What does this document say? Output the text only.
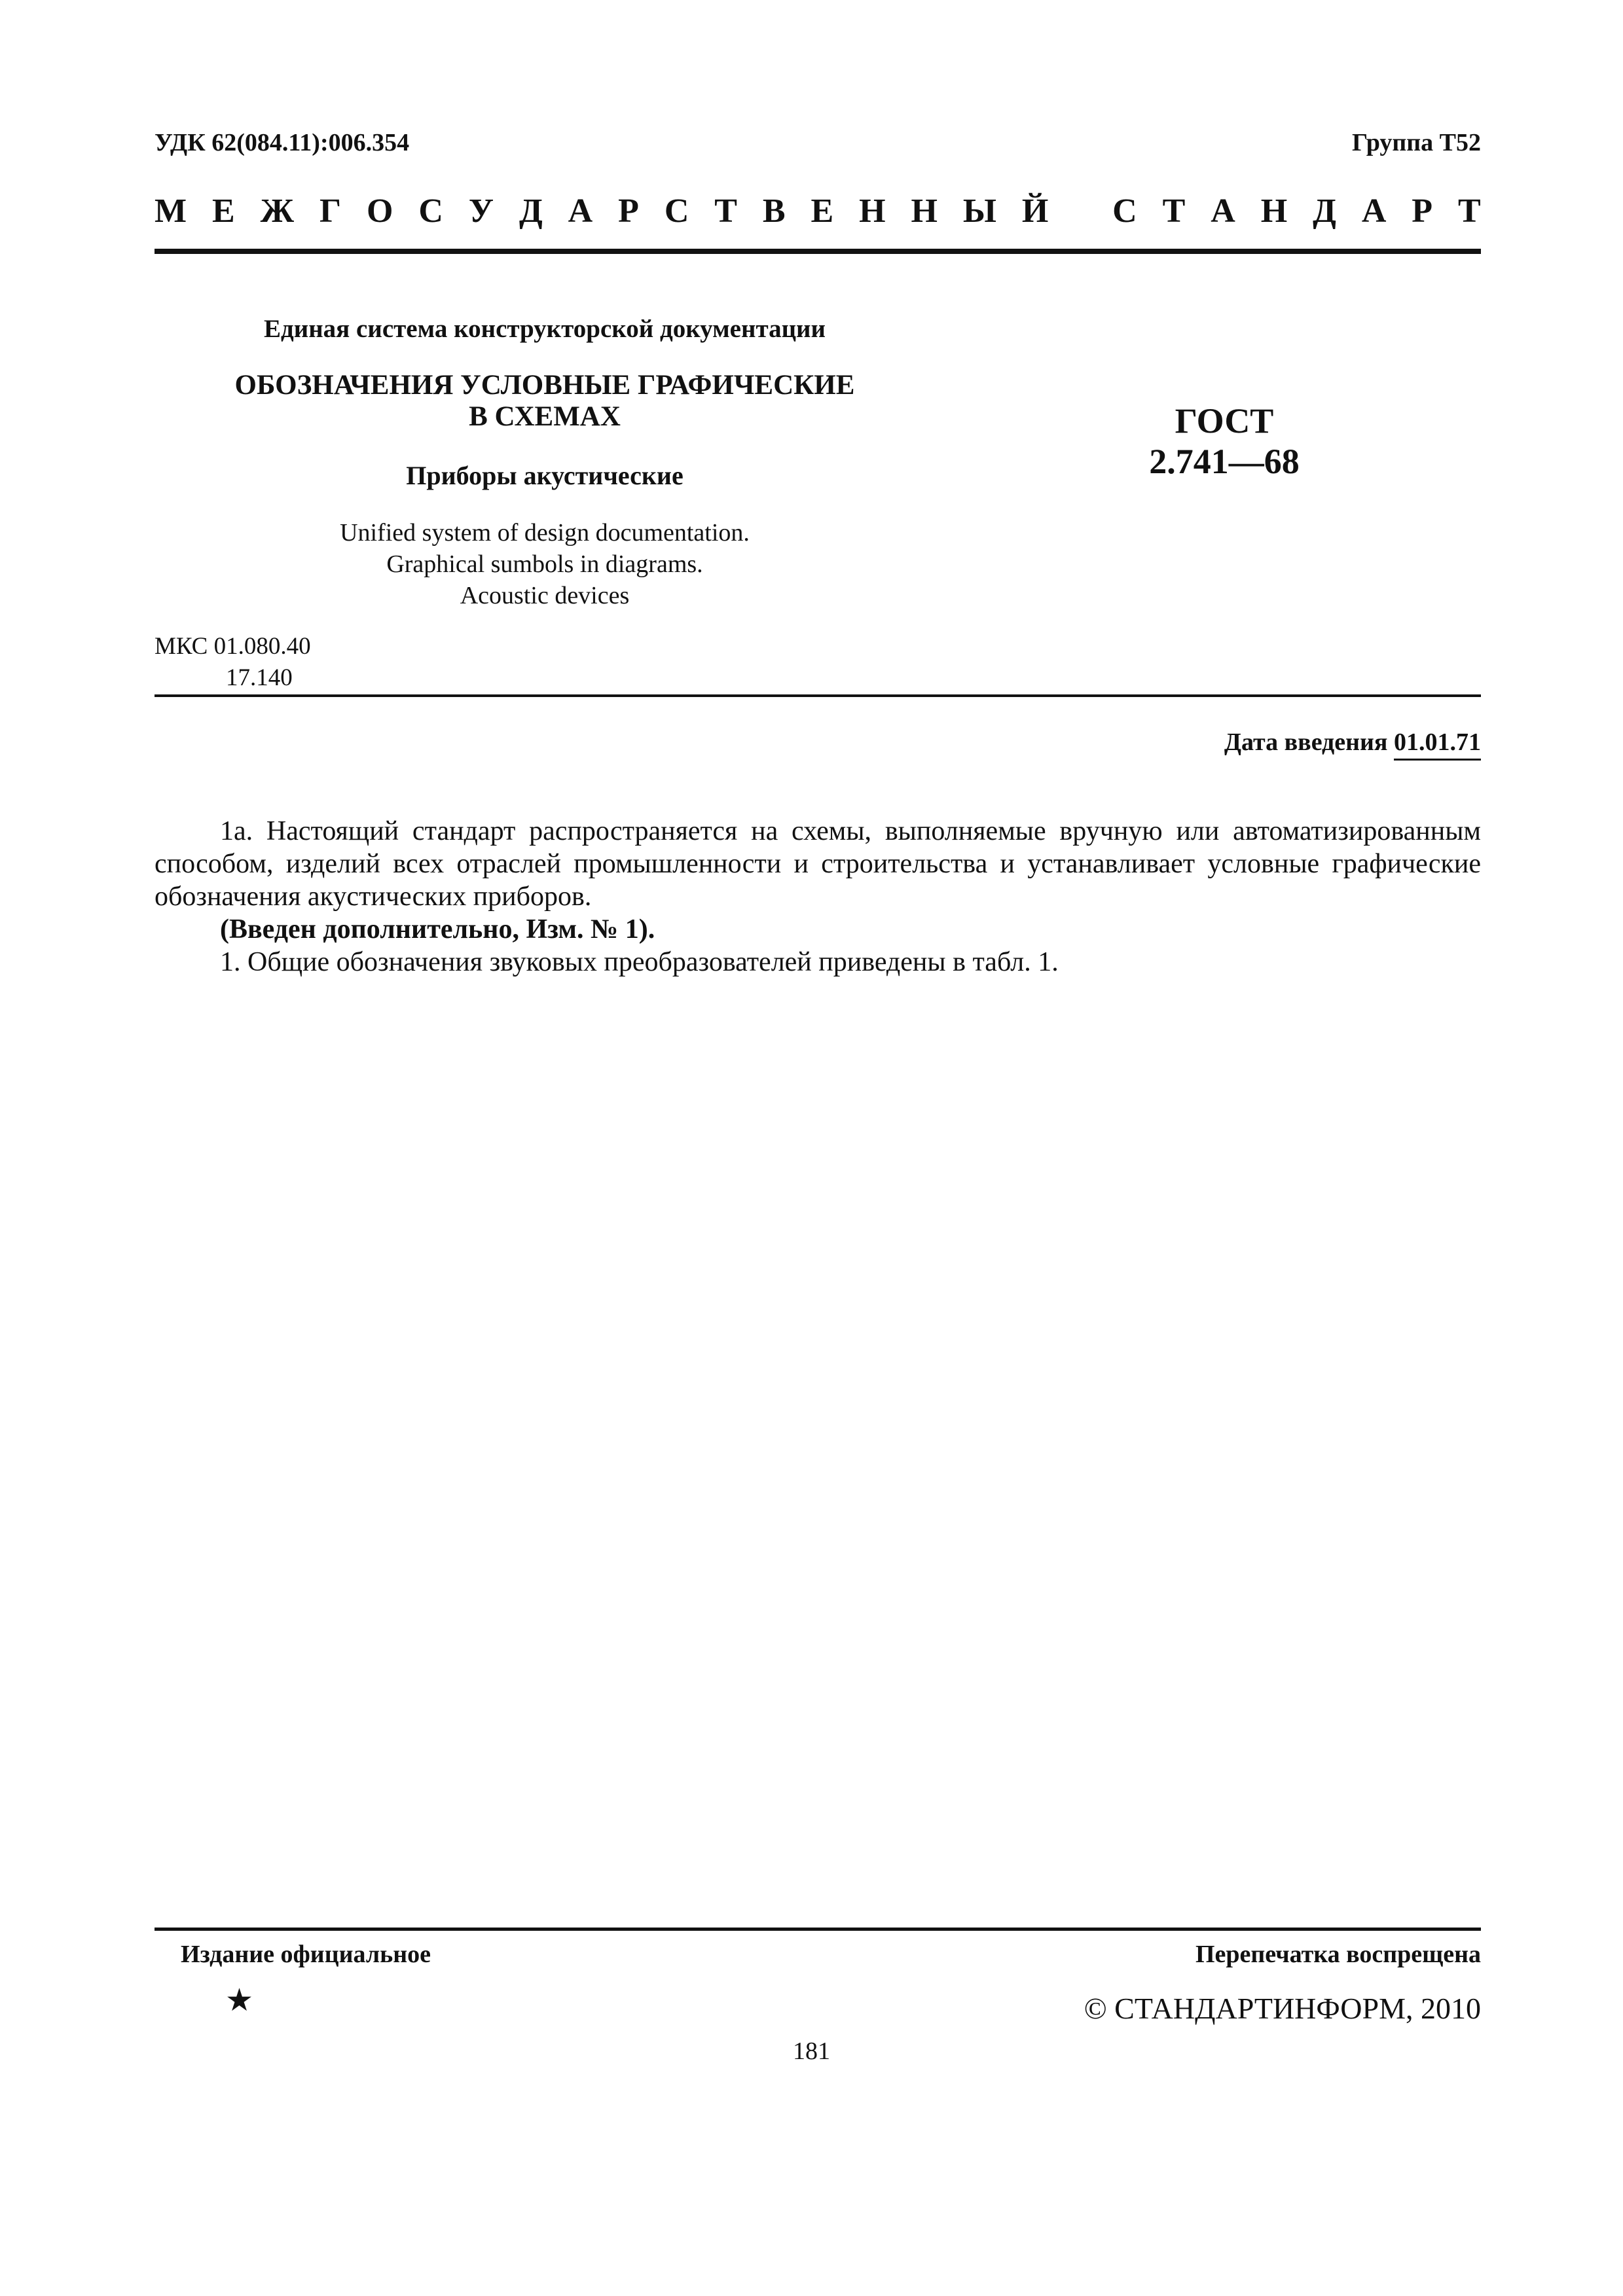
УДК 62(084.11):006.354	Группа Т52
М Е Ж Г О С У Д А Р С Т В Е Н Н Ы Й С Т А Н Д А Р Т
Единая система конструкторской документации
ОБОЗНАЧЕНИЯ УСЛОВНЫЕ ГРАФИЧЕСКИЕ
В СХЕМАХ
Приборы акустические
Unified system of design documentation.
Graphical sumbols in diagrams.
Acoustic devices
ГОСТ
2.741—68
МКС 01.080.40
17.140
Дата введения 01.01.71

1а. Настоящий стандарт распространяется на схемы, выполняемые вручную или автоматизированным способом, изделий всех отраслей промышленности и строительства и устанавливает условные графические обозначения акустических приборов.

(Введен дополнительно, Изм. № 1).

1. Общие обозначения звуковых преобразователей приведены в табл. 1.

Издание официальное	Перепечатка воспрещена
★	© СТАНДАРТИНФОРМ, 2010
181
